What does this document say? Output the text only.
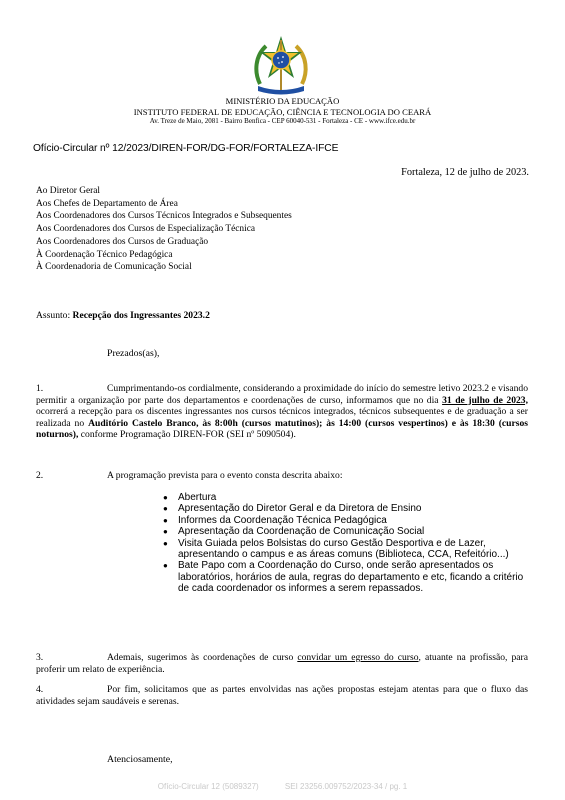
MINISTÉRIO DA EDUCAÇÃO
INSTITUTO FEDERAL DE EDUCAÇÃO, CIÊNCIA E TECNOLOGIA DO CEARÁ
Av. Treze de Maio, 2081 - Bairro Benfica - CEP 60040-531 - Fortaleza - CE - www.ifce.edu.br
Ofício-Circular nº 12/2023/DIREN-FOR/DG-FOR/FORTALEZA-IFCE
Fortaleza, 12 de julho de 2023.
Ao Diretor Geral
Aos Chefes de Departamento de Área
Aos Coordenadores dos Cursos Técnicos Integrados e Subsequentes
Aos Coordenadores dos Cursos de Especialização Técnica
Aos Coordenadores dos Cursos de Graduação
À Coordenação Técnico Pedagógica
À Coordenadoria de Comunicação Social
Assunto: Recepção dos Ingressantes 2023.2
Prezados(as),
1.	Cumprimentando-os cordialmente, considerando a proximidade do início do semestre letivo 2023.2 e visando permitir a organização por parte dos departamentos e coordenações de curso, informamos que no dia 31 de julho de 2023, ocorrerá a recepção para os discentes ingressantes nos cursos técnicos integrados, técnicos subsequentes e de graduação a ser realizada no Auditório Castelo Branco, às 8:00h (cursos matutinos); às 14:00 (cursos vespertinos) e às 18:30 (cursos noturnos), conforme Programação DIREN-FOR (SEI nº 5090504).
2.	A programação prevista para o evento consta descrita abaixo:
● Abertura
● Apresentação do Diretor Geral e da Diretora de Ensino
● Informes da Coordenação Técnica Pedagógica
● Apresentação da Coordenação de Comunicação Social
● Visita Guiada pelos Bolsistas do curso Gestão Desportiva e de Lazer, apresentando o campus e as áreas comuns (Biblioteca, CCA, Refeitório...)
● Bate Papo com a Coordenação do Curso, onde serão apresentados os laboratórios, horários de aula, regras do departamento e etc, ficando a critério de cada coordenador os informes a serem repassados.
3.	Ademais, sugerimos às coordenações de curso convidar um egresso do curso, atuante na profissão, para proferir um relato de experiência.
4.	Por fim, solicitamos que as partes envolvidas nas ações propostas estejam atentas para que o fluxo das atividades sejam saudáveis e serenas.
Atenciosamente,
Ofício-Circular 12 (5089327)	SEI 23256.009752/2023-34 / pg. 1
